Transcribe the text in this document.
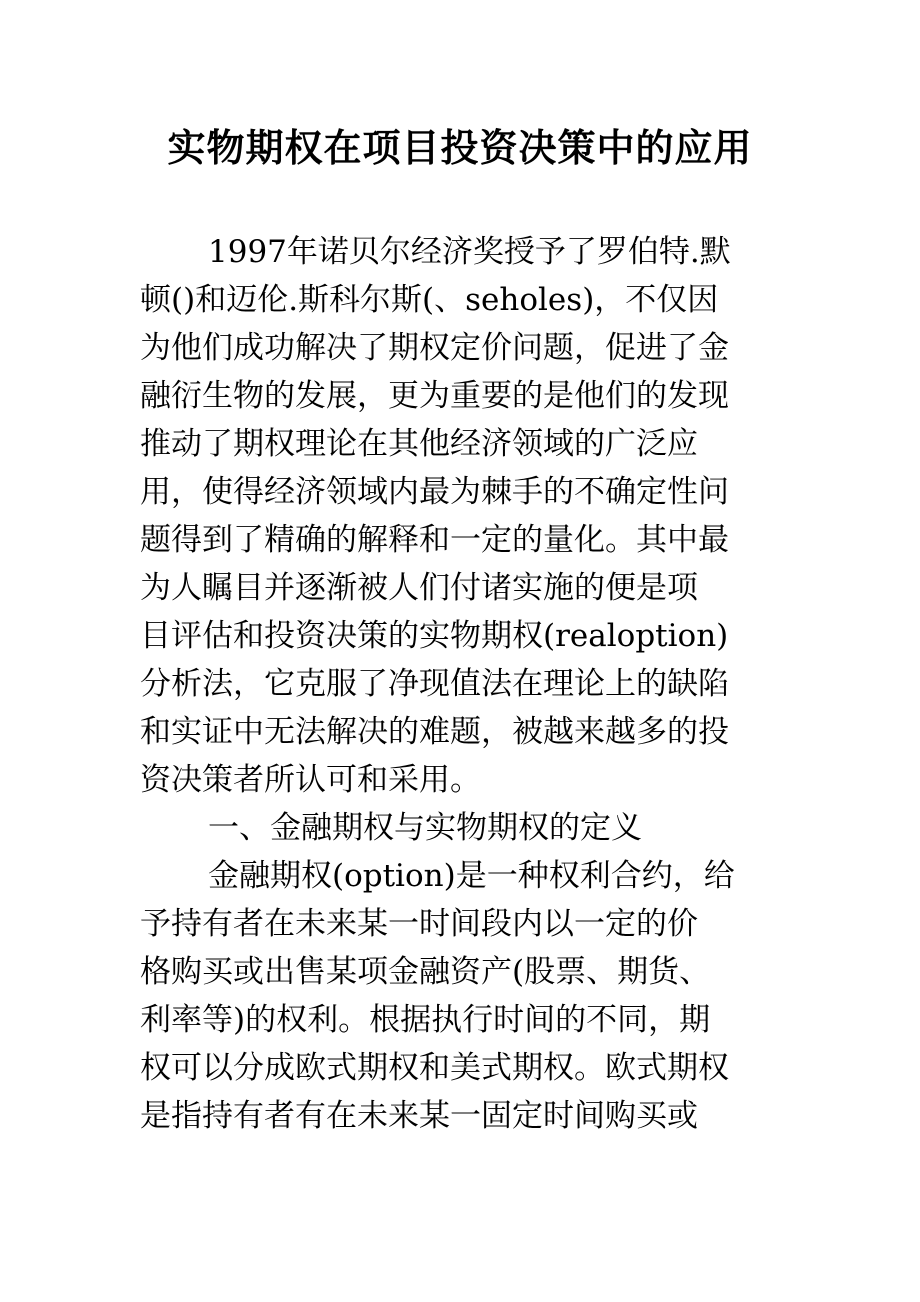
实物期权在项目投资决策中的应用
1997年诺贝尔经济奖授予了罗伯特.默
顿()和迈伦.斯科尔斯(、seholes)，不仅因
为他们成功解决了期权定价问题，促进了金
融衍生物的发展，更为重要的是他们的发现
推动了期权理论在其他经济领域的广泛应
用，使得经济领域内最为棘手的不确定性问
题得到了精确的解释和一定的量化。其中最
为人瞩目并逐渐被人们付诸实施的便是项
目评估和投资决策的实物期权(realoption)
分析法，它克服了净现值法在理论上的缺陷
和实证中无法解决的难题，被越来越多的投
资决策者所认可和采用。
一、金融期权与实物期权的定义
金融期权(option)是一种权利合约，给
予持有者在未来某一时间段内以一定的价
格购买或出售某项金融资产(股票、期货、
利率等)的权利。根据执行时间的不同，期
权可以分成欧式期权和美式期权。欧式期权
是指持有者有在未来某一固定时间购买或
